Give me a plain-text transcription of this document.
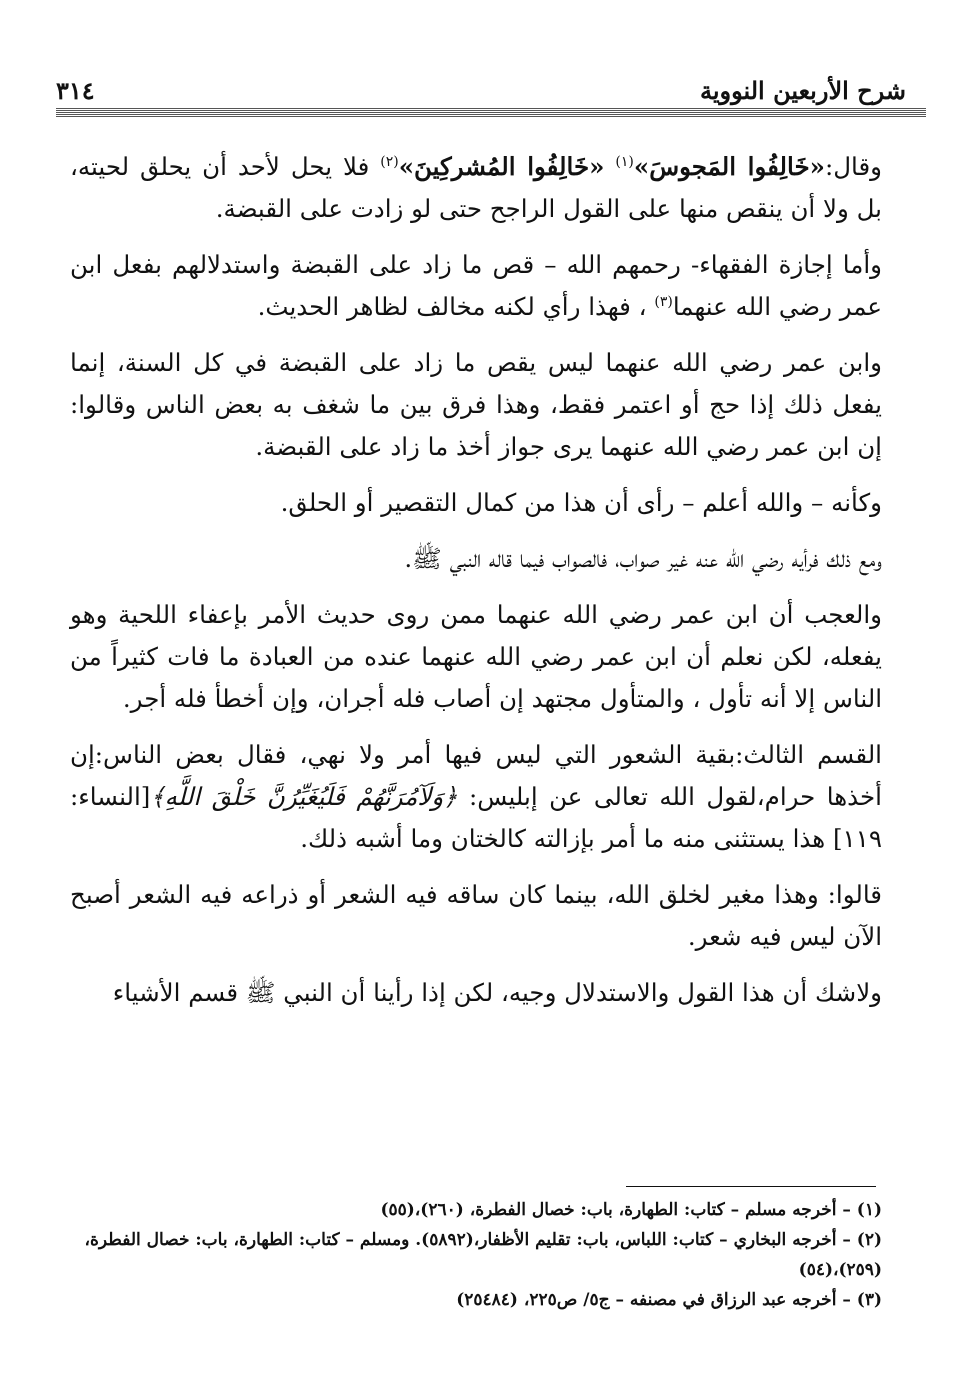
شرح الأربعين النووية
٣١٤

وقال:«خَالِفُوا المَجوسَ»$^{(١)}$ «خَالِفُوا المُشركِينَ»$^{(٢)}$ فلا يحل لأحد أن يحلق لحيته، بل ولا أن ينقص منها على القول الراجح حتى لو زادت على القبضة.

وأما إجازة الفقهاء- رحمهم الله – قص ما زاد على القبضة واستدلالهم بفعل ابن عمر رضي الله عنهما$^{(٣)}$ ، فهذا رأي لكنه مخالف لظاهر الحديث.

وابن عمر رضي الله عنهما ليس يقص ما زاد على القبضة في كل السنة، إنما يفعل ذلك إذا حج أو اعتمر فقط، وهذا فرق بين ما شغف به بعض الناس وقالوا: إن ابن عمر رضي الله عنهما يرى جواز أخذ ما زاد على القبضة.

وكأنه – والله أعلم – رأى أن هذا من كمال التقصير أو الحلق.

ومع ذلك فرأيه رضي الله عنه غير صواب، فالصواب فيما قاله النبي ﷺ.

والعجب أن ابن عمر رضي الله عنهما ممن روى حديث الأمر بإعفاء اللحية وهو يفعله، لكن نعلم أن ابن عمر رضي الله عنهما عنده من العبادة ما فات كثيراً من الناس إلا أنه تأول ، والمتأول مجتهد إن أصاب فله أجران، وإن أخطأ فله أجر.

القسم الثالث:بقية الشعور التي ليس فيها أمر ولا نهي، فقال بعض الناس:إن أخذها حرام،لقول الله تعالى عن إبليس: ﴿وَلَآمُرَنَّهُمْ فَلَيُغَيِّرُنَّ خَلْقَ اللَّهِ﴾[النساء: ١١٩] هذا يستثنى منه ما أمر بإزالته كالختان وما أشبه ذلك.

قالوا: وهذا مغير لخلق الله، بينما كان ساقه فيه الشعر أو ذراعه فيه الشعر أصبح الآن ليس فيه شعر.

ولاشك أن هذا القول والاستدلال وجيه، لكن إذا رأينا أن النبي ﷺ قسم الأشياء

(١) – أخرجه مسلم – كتاب: الطهارة، باب: خصال الفطرة، (٢٦٠)،(٥٥)

(٢) – أخرجه البخاري – كتاب: اللباس، باب: تقليم الأظفار،(٥٨٩٢). ومسلم – كتاب: الطهارة، باب: خصال الفطرة، (٢٥٩)،(٥٤)

(٣) – أخرجه عبد الرزاق في مصنفه – ج٥/ ص٢٢٥، (٢٥٤٨٤)
